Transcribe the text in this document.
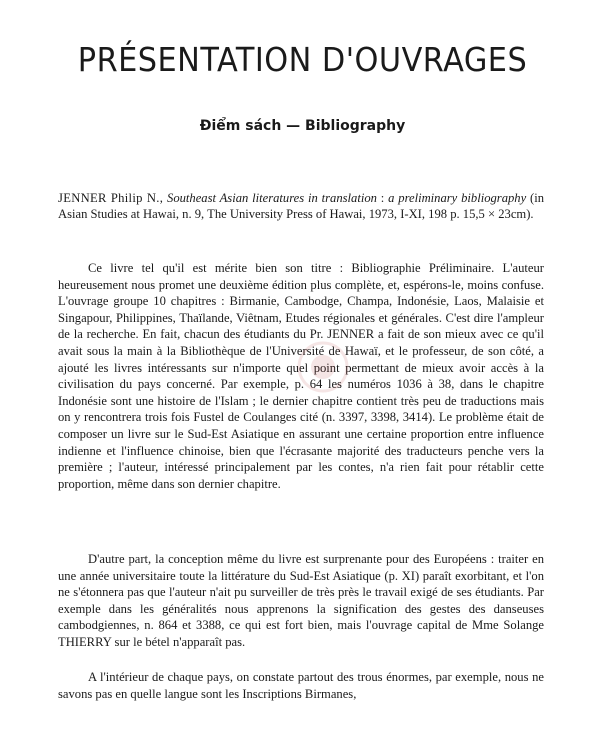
PRÉSENTATION D'OUVRAGES
Điểm sách — Bibliography

JENNER Philip N., Southeast Asian literatures in translation : a preliminary bibliography (in Asian Studies at Hawai, n. 9, The University Press of Hawai, 1973, I-XI, 198 p. 15,5 × 23cm).

Ce livre tel qu'il est mérite bien son titre : Bibliographie Préliminaire. L'auteur heureusement nous promet une deuxième édition plus complète, et, espérons-le, moins confuse. L'ouvrage groupe 10 chapitres : Birmanie, Cambodge, Champa, Indonésie, Laos, Malaisie et Singapour, Philippines, Thaïlande, Viêtnam, Etudes régionales et générales. C'est dire l'ampleur de la recherche. En fait, chacun des étudiants du Pr. JENNER a fait de son mieux avec ce qu'il avait sous la main à la Bibliothèque de l'Université de Hawaï, et le professeur, de son côté, a ajouté les livres intéressants sur n'importe quel point permettant de mieux avoir accès à la civilisation du pays concerné. Par exemple, p. 64 les numéros 1036 à 38, dans le chapitre Indonésie sont une histoire de l'Islam ; le dernier chapitre contient très peu de traductions mais on y rencontrera trois fois Fustel de Coulanges cité (n. 3397, 3398, 3414). Le problème était de composer un livre sur le Sud-Est Asiatique en assurant une certaine proportion entre influence indienne et l'influence chinoise, bien que l'écrasante majorité des traducteurs penche vers la première ; l'auteur, intéressé principalement par les contes, n'a rien fait pour rétablir cette proportion, même dans son dernier chapitre.

D'autre part, la conception même du livre est surprenante pour des Européens : traiter en une année universitaire toute la littérature du Sud-Est Asiatique (p. XI) paraît exorbitant, et l'on ne s'étonnera pas que l'auteur n'ait pu surveiller de très près le travail exigé de ses étudiants. Par exemple dans les généralités nous apprenons la signification des gestes des danseuses cambodgiennes, n. 864 et 3388, ce qui est fort bien, mais l'ouvrage capital de Mme Solange THIERRY sur le bétel n'apparaît pas.

A l'intérieur de chaque pays, on constate partout des trous énormes, par exemple, nous ne savons pas en quelle langue sont les Inscriptions Birmanes,
